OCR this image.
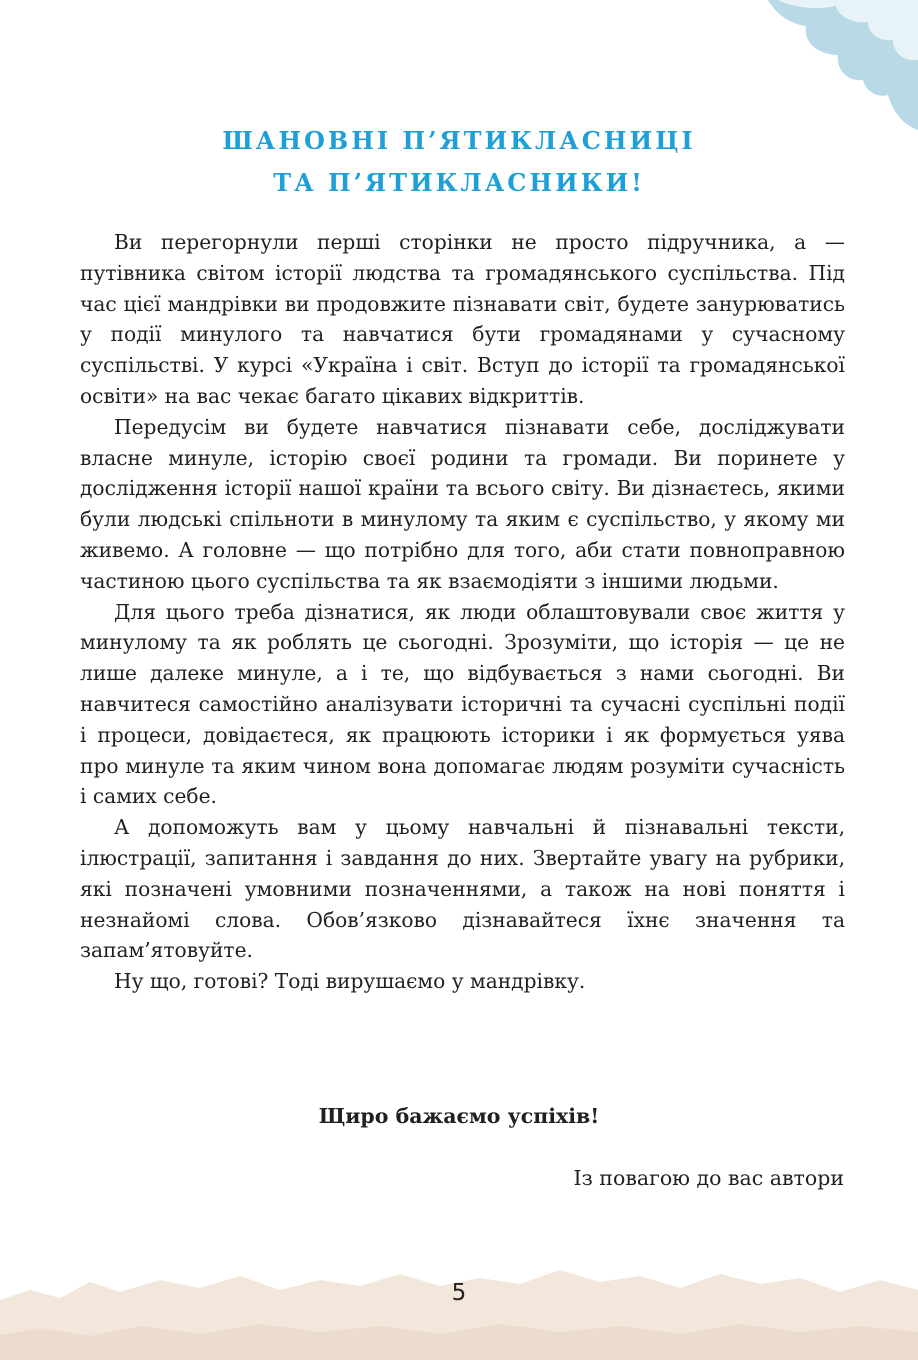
ШАНОВНІ П’ЯТИКЛАСНИЦІ
ТА П’ЯТИКЛАСНИКИ!

Ви перегорнули перші сторінки не просто підручника, а — путівника світом історії людства та громадянського суспільства. Під час цієї мандрівки ви продовжите пізнавати світ, будете занурюватись у події минулого та навчатися бути громадянами у сучасному суспільстві. У курсі «Україна і світ. Вступ до історії та громадянської освіти» на вас чекає багато цікавих відкриттів.

Передусім ви будете навчатися пізнавати себе, досліджувати власне минуле, історію своєї родини та громади. Ви поринете у дослідження історії нашої країни та всього світу. Ви дізнаєтесь, якими були людські спільноти в минулому та яким є суспільство, у якому ми живемо. А головне — що потрібно для того, аби стати повноправною частиною цього суспільства та як взаємодіяти з іншими людьми.

Для цього треба дізнатися, як люди облаштовували своє життя у минулому та як роблять це сьогодні. Зрозуміти, що історія — це не лише далеке минуле, а і те, що відбувається з нами сьогодні. Ви навчитеся самостійно аналізувати історичні та сучасні суспільні події і процеси, довідаєтеся, як працюють історики і як формується уява про минуле та яким чином вона допомагає людям розуміти сучасність і самих себе.

А допоможуть вам у цьому навчальні й пізнавальні тексти, ілюстрації, запитання і завдання до них. Звертайте увагу на рубрики, які позначені умовними позначеннями, а також на нові поняття і незнайомі слова. Обов’язково дізнавайтеся їхнє значення та запам’ятовуйте.

Ну що, готові? Тоді вирушаємо у мандрівку.

Щиро бажаємо успіхів!

Із повагою до вас автори

5
